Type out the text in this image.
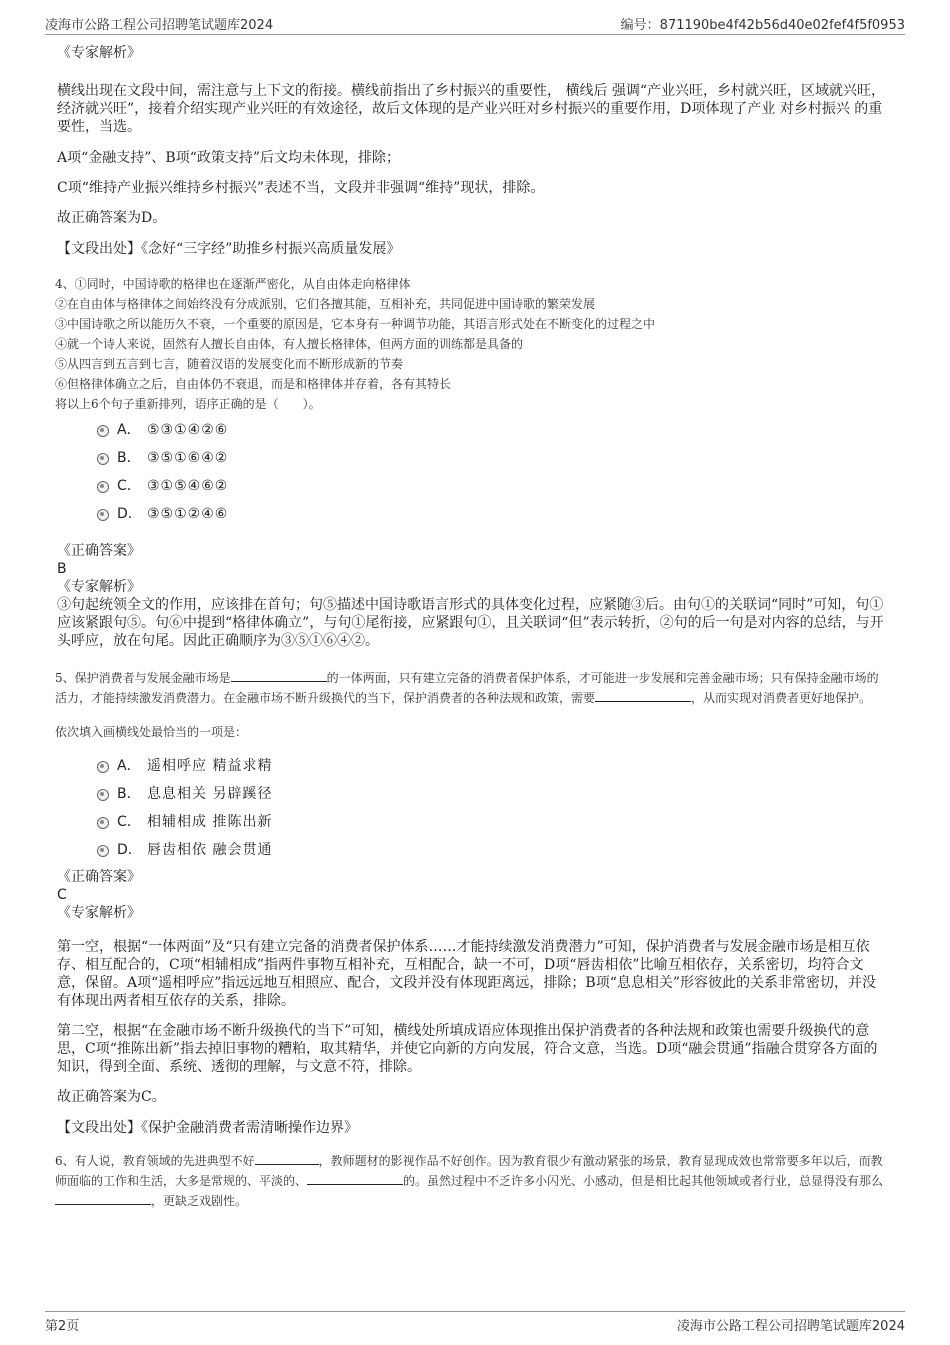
凌海市公路工程公司招聘笔试题库2024	编号：871190be4f42b56d40e02fef4f5f0953

《专家解析》

横线出现在文段中间，需注意与上下文的衔接。横线前指出了乡村振兴的重要性， 横线后 强调“产业兴旺，乡村就兴旺，区域就兴旺，经济就兴旺”，接着介绍实现产业兴旺的有效途径，故后文体现的是产业兴旺对乡村振兴的重要作用，D项体现了产业 对乡村振兴 的重要性，当选。

A项“金融支持”、B项“政策支持”后文均未体现，排除；

C项“维持产业振兴维持乡村振兴”表述不当，文段并非强调“维持”现状，排除。

故正确答案为D。

【文段出处】《念好“三字经”助推乡村振兴高质量发展》

4、①同时，中国诗歌的格律也在逐渐严密化，从自由体走向格律体

②在自由体与格律体之间始终没有分成派别，它们各擅其能，互相补充，共同促进中国诗歌的繁荣发展

③中国诗歌之所以能历久不衰，一个重要的原因是，它本身有一种调节功能，其语言形式处在不断变化的过程之中

④就一个诗人来说，固然有人擅长自由体，有人擅长格律体，但两方面的训练都是具备的

⑤从四言到五言到七言，随着汉语的发展变化而不断形成新的节奏

⑥但格律体确立之后，自由体仍不衰退，而是和格律体并存着，各有其特长

将以上6个句子重新排列，语序正确的是（　　）。

A． ⑤③①④②⑥
B． ③⑤①⑥④②
C． ③①⑤④⑥②
D． ③⑤①②④⑥

《正确答案》

B

《专家解析》

③句起统领全文的作用，应该排在首句；句⑤描述中国诗歌语言形式的具体变化过程，应紧随③后。由句①的关联词“同时”可知，句①应该紧跟句⑤。句⑥中提到“格律体确立”，与句①尾衔接，应紧跟句①，且关联词“但”表示转折，②句的后一句是对内容的总结，与开头呼应，放在句尾。因此正确顺序为③⑤①⑥④②。

5、保护消费者与发展金融市场是	的一体两面，只有建立完备的消费者保护体系，才可能进一步发展和完善金融市场；只有保持金融市场的活力，才能持续激发消费潜力。在金融市场不断升级换代的当下，保护消费者的各种法规和政策，需要	，从而实现对消费者更好地保护。

依次填入画横线处最恰当的一项是：

A． 遥相呼应 精益求精
B． 息息相关 另辟蹊径
C． 相辅相成 推陈出新
D． 唇齿相依 融会贯通

《正确答案》

C

《专家解析》

第一空，根据“一体两面”及“只有建立完备的消费者保护体系……才能持续激发消费潜力”可知，保护消费者与发展金融市场是相互依存、相互配合的，C项“相辅相成”指两件事物互相补充，互相配合，缺一不可，D项“唇齿相依”比喻互相依存，关系密切，均符合文意，保留。A项“遥相呼应”指远远地互相照应、配合，文段并没有体现距离远，排除；B项“息息相关”形容彼此的关系非常密切，并没有体现出两者相互依存的关系，排除。

第二空，根据“在金融市场不断升级换代的当下”可知，横线处所填成语应体现推出保护消费者的各种法规和政策也需要升级换代的意思，C项“推陈出新”指去掉旧事物的糟粕，取其精华，并使它向新的方向发展，符合文意，当选。D项“融会贯通”指融合贯穿各方面的知识，得到全面、系统、透彻的理解，与文意不符，排除。

故正确答案为C。

【文段出处】《保护金融消费者需清晰操作边界》

6、有人说，教育领域的先进典型不好	，教师题材的影视作品不好创作。因为教育很少有激动紧张的场景，教育显现成效也常常要多年以后，而教师面临的工作和生活，大多是常规的、平淡的、	的。虽然过程中不乏许多小闪光、小感动，但是相比起其他领域或者行业，总显得没有那么，更缺乏戏剧性。

第2页	凌海市公路工程公司招聘笔试题库2024
